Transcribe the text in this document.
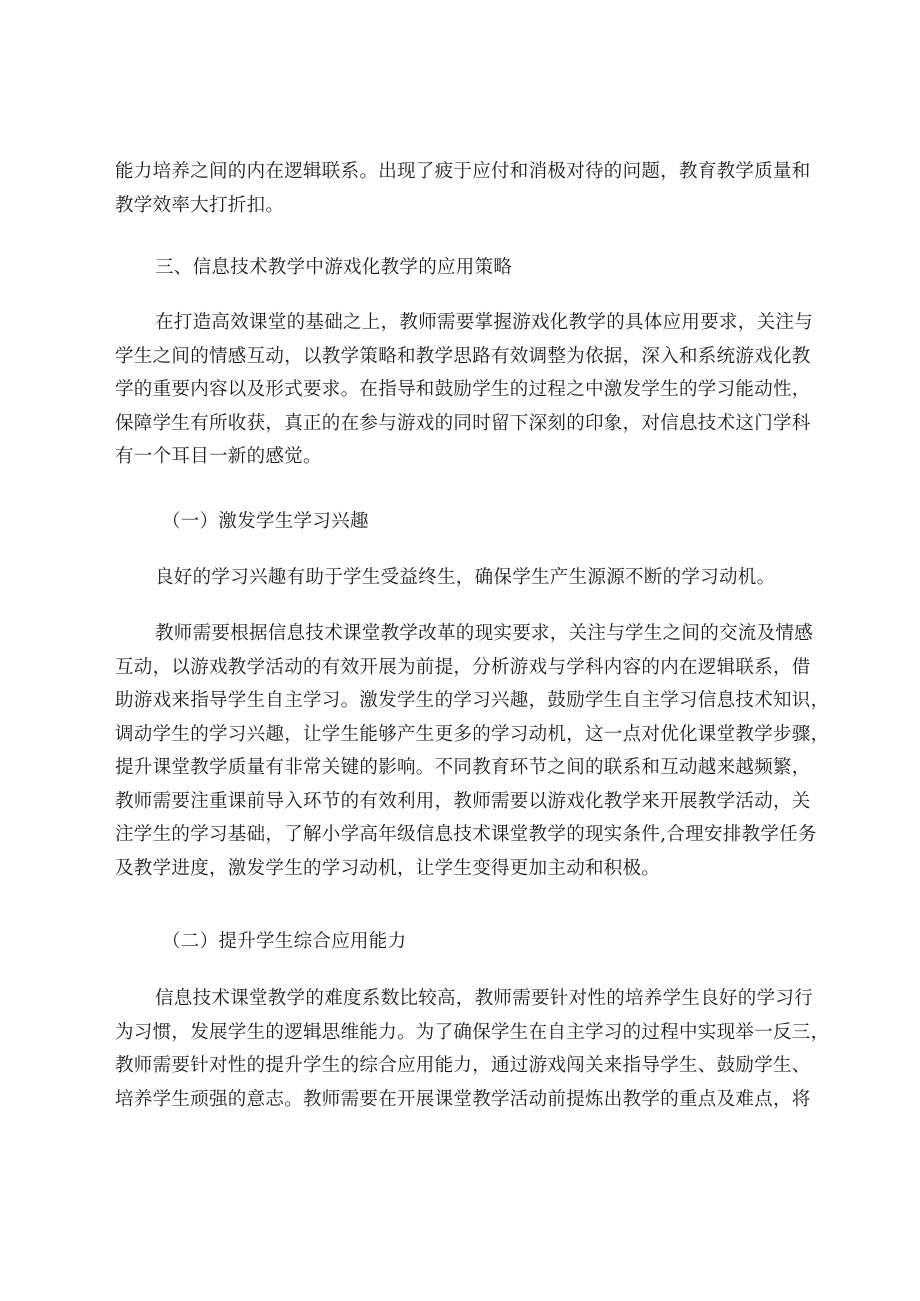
能力培养之间的内在逻辑联系。出现了疲于应付和消极对待的问题，教育教学质量和
教学效率大打折扣。
三、信息技术教学中游戏化教学的应用策略
在打造高效课堂的基础之上，教师需要掌握游戏化教学的具体应用要求，关注与
学生之间的情感互动，以教学策略和教学思路有效调整为依据，深入和系统游戏化教
学的重要内容以及形式要求。在指导和鼓励学生的过程之中激发学生的学习能动性，
保障学生有所收获，真正的在参与游戏的同时留下深刻的印象，对信息技术这门学科
有一个耳目一新的感觉。
（一）激发学生学习兴趣
良好的学习兴趣有助于学生受益终生，确保学生产生源源不断的学习动机。
教师需要根据信息技术课堂教学改革的现实要求，关注与学生之间的交流及情感
互动，以游戏教学活动的有效开展为前提，分析游戏与学科内容的内在逻辑联系，借
助游戏来指导学生自主学习。激发学生的学习兴趣，鼓励学生自主学习信息技术知识，
调动学生的学习兴趣，让学生能够产生更多的学习动机，这一点对优化课堂教学步骤，
提升课堂教学质量有非常关键的影响。不同教育环节之间的联系和互动越来越频繁，
教师需要注重课前导入环节的有效利用，教师需要以游戏化教学来开展教学活动，关
注学生的学习基础，了解小学高年级信息技术课堂教学的现实条件,合理安排教学任务
及教学进度，激发学生的学习动机，让学生变得更加主动和积极。
（二）提升学生综合应用能力
信息技术课堂教学的难度系数比较高，教师需要针对性的培养学生良好的学习行
为习惯，发展学生的逻辑思维能力。为了确保学生在自主学习的过程中实现举一反三，
教师需要针对性的提升学生的综合应用能力，通过游戏闯关来指导学生、鼓励学生、
培养学生顽强的意志。教师需要在开展课堂教学活动前提炼出教学的重点及难点，将
